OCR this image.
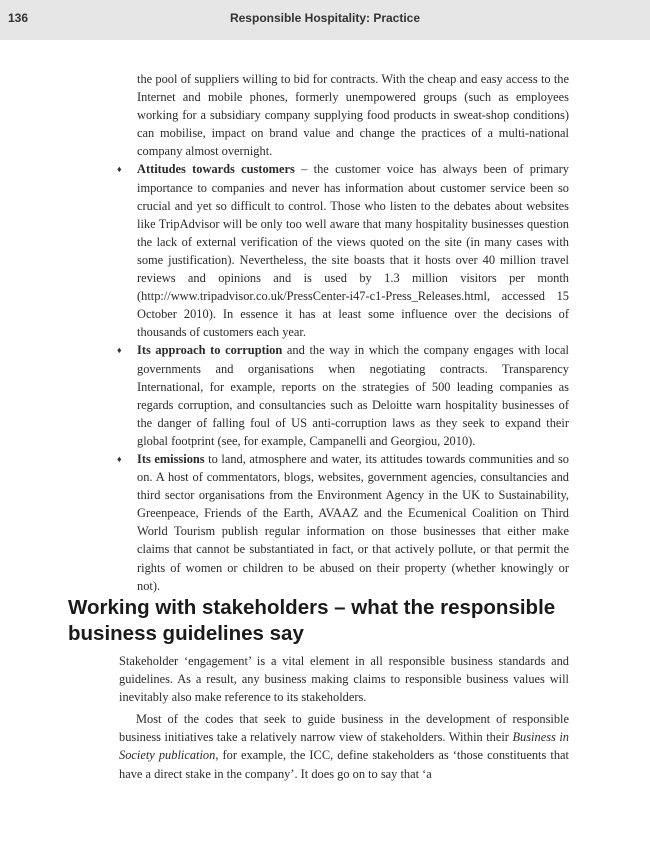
136	Responsible Hospitality: Practice

the pool of suppliers willing to bid for contracts. With the cheap and easy access to the Internet and mobile phones, formerly unempowered groups (such as employees working for a subsidiary company supplying food products in sweat-shop conditions) can mobilise, impact on brand value and change the practices of a multi-national company almost overnight.

♦ Attitudes towards customers – the customer voice has always been of primary importance to companies and never has information about customer service been so crucial and yet so difficult to control. Those who listen to the debates about websites like TripAdvisor will be only too well aware that many hospitality businesses question the lack of external verification of the views quoted on the site (in many cases with some justification). Nevertheless, the site boasts that it hosts over 40 million travel reviews and opinions and is used by 1.3 million visitors per month (http://www.tripadvisor.co.uk/PressCenter-i47-c1-Press_Releases.html, accessed 15 October 2010). In essence it has at least some influence over the decisions of thousands of customers each year.
♦ Its approach to corruption and the way in which the company engages with local governments and organisations when negotiating contracts. Transparency International, for example, reports on the strategies of 500 leading companies as regards corruption, and consultancies such as Deloitte warn hospitality businesses of the danger of falling foul of US anti-corruption laws as they seek to expand their global footprint (see, for example, Campanelli and Georgiou, 2010).
♦ Its emissions to land, atmosphere and water, its attitudes towards communities and so on. A host of commentators, blogs, websites, government agencies, consultancies and third sector organisations from the Environment Agency in the UK to Sustainability, Greenpeace, Friends of the Earth, AVAAZ and the Ecumenical Coalition on Third World Tourism publish regular information on those businesses that either make claims that cannot be substantiated in fact, or that actively pollute, or that permit the rights of women or children to be abused on their property (whether knowingly or not).
Working with stakeholders – what the responsible business guidelines say

Stakeholder ‘engagement’ is a vital element in all responsible business standards and guidelines. As a result, any business making claims to responsible business values will inevitably also make reference to its stakeholders.

Most of the codes that seek to guide business in the development of responsible business initiatives take a relatively narrow view of stakeholders. Within their Business in Society publication, for example, the ICC, define stakeholders as ‘those constituents that have a direct stake in the company’. It does go on to say that ‘a
